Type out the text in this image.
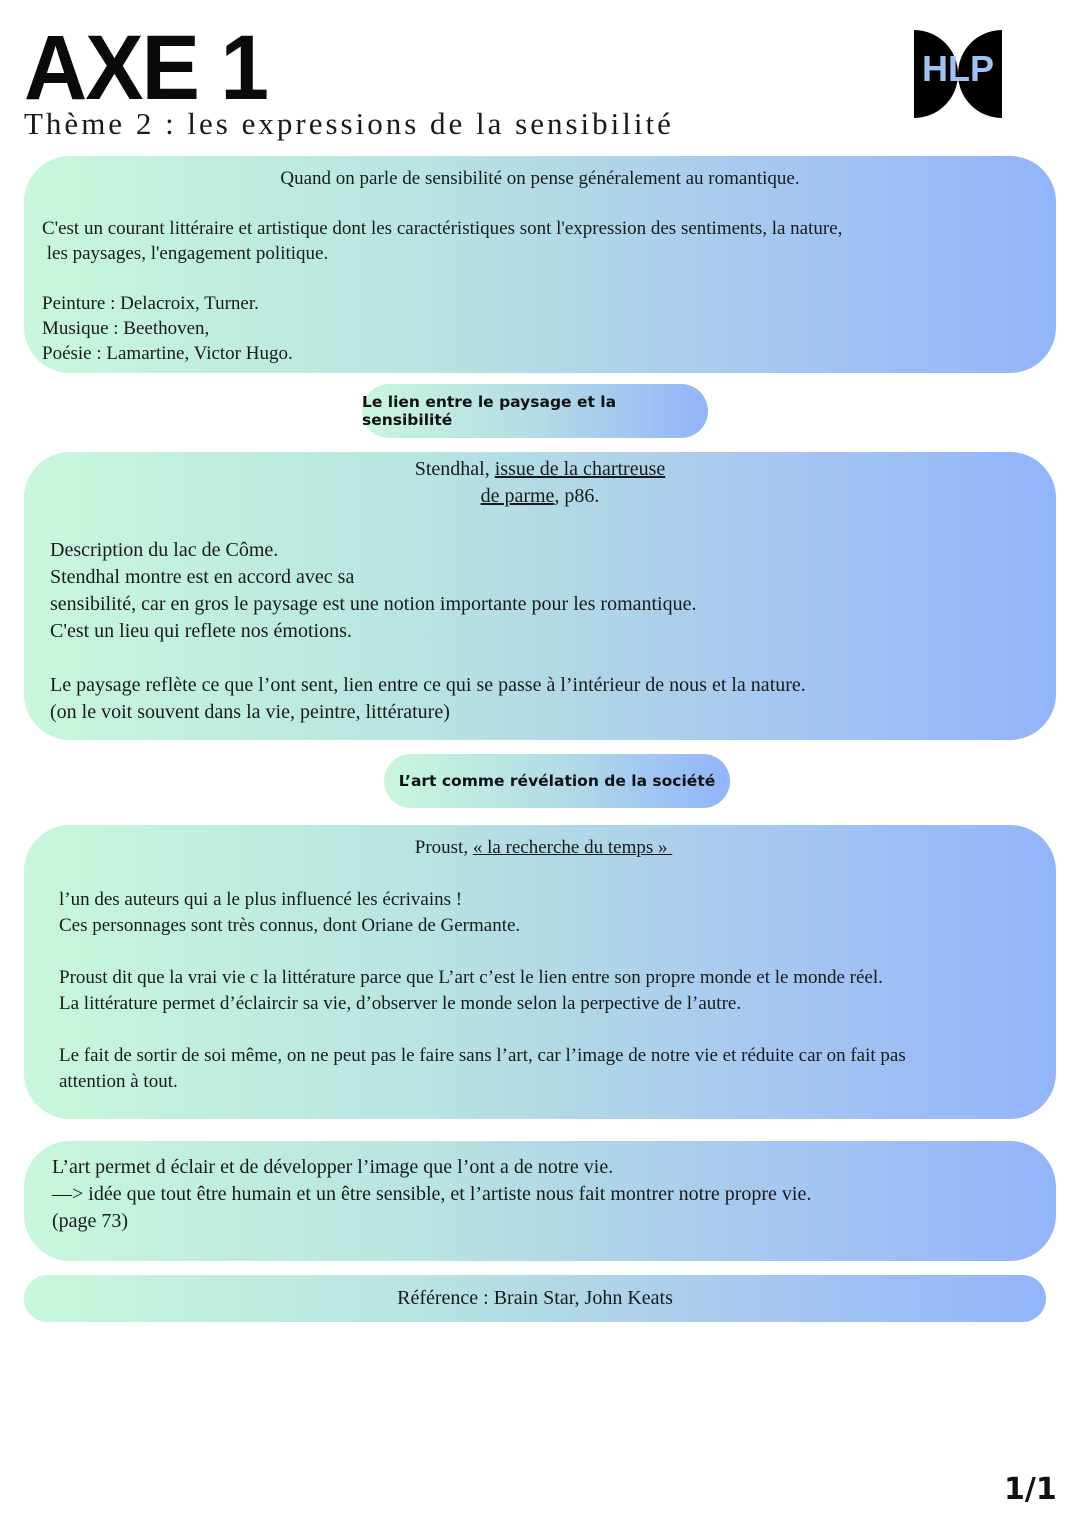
AXE 1
Thème 2 : les expressions de la sensibilité
HLP

Quand on parle de sensibilité on pense généralement au romantique.

C'est un courant littéraire et artistique dont les caractéristiques sont l'expression des sentiments, la nature,

les paysages, l'engagement politique.

Peinture : Delacroix, Turner.

Musique : Beethoven,

Poésie : Lamartine, Victor Hugo.

Le lien entre le paysage et la sensibilité

Stendhal, issue de la chartreuse

de parme, p86.

Description du lac de Côme.

Stendhal montre est en accord avec sa

sensibilité, car en gros le paysage est une notion importante pour les romantique.

C'est un lieu qui reflete nos émotions.

Le paysage reflète ce que l’ont sent, lien entre ce qui se passe à l’intérieur de nous et la nature.

(on le voit souvent dans la vie, peintre, littérature)

L’art comme révélation de la société

Proust, « la recherche du temps »

l’un des auteurs qui a le plus influencé les écrivains !

Ces personnages sont très connus, dont Oriane de Germante.

Proust dit que la vrai vie c la littérature parce que L’art c’est le lien entre son propre monde et le monde réel.

La littérature permet d’éclaircir sa vie, d’observer le monde selon la perpective de l’autre.

Le fait de sortir de soi même, on ne peut pas le faire sans l’art, car l’image de notre vie et réduite car on fait pas

attention à tout.

L’art permet d éclair et de développer l’image que l’ont a de notre vie.

—> idée que tout être humain et un être sensible, et l’artiste nous fait montrer notre propre vie.

(page 73)

Référence : Brain Star, John Keats
1/1
